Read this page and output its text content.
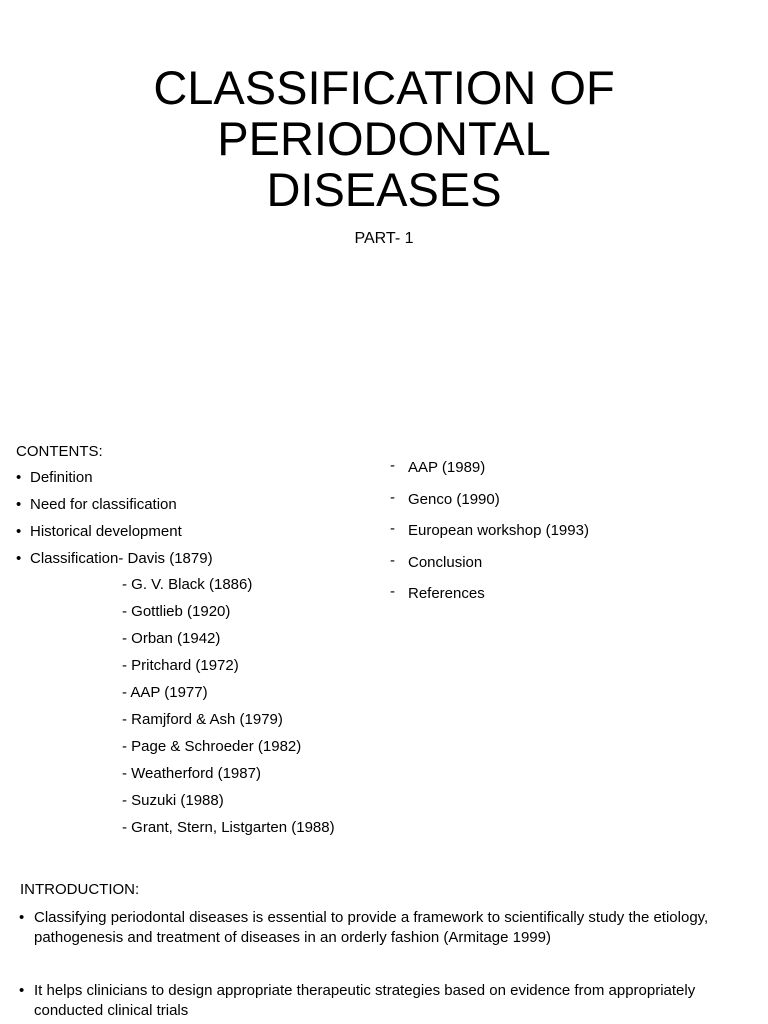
CLASSIFICATION OF
PERIODONTAL
DISEASES
PART- 1
CONTENTS:
• Definition
• Need for classification
• Historical development
• Classification- Davis (1879)
- G. V. Black (1886)
- Gottlieb (1920)
- Orban (1942)
- Pritchard (1972)
- AAP (1977)
- Ramjford & Ash (1979)
- Page & Schroeder (1982)
- Weatherford (1987)
- Suzuki (1988)
- Grant, Stern, Listgarten (1988)
- AAP (1989)
- Genco (1990)
- European workshop (1993)
- Conclusion
- References
INTRODUCTION:
• Classifying periodontal diseases is essential to provide a framework to scientifically study the etiology, pathogenesis and treatment of diseases in an orderly fashion (Armitage 1999)
• It helps clinicians to design appropriate therapeutic strategies based on evidence from appropriately conducted clinical trials
